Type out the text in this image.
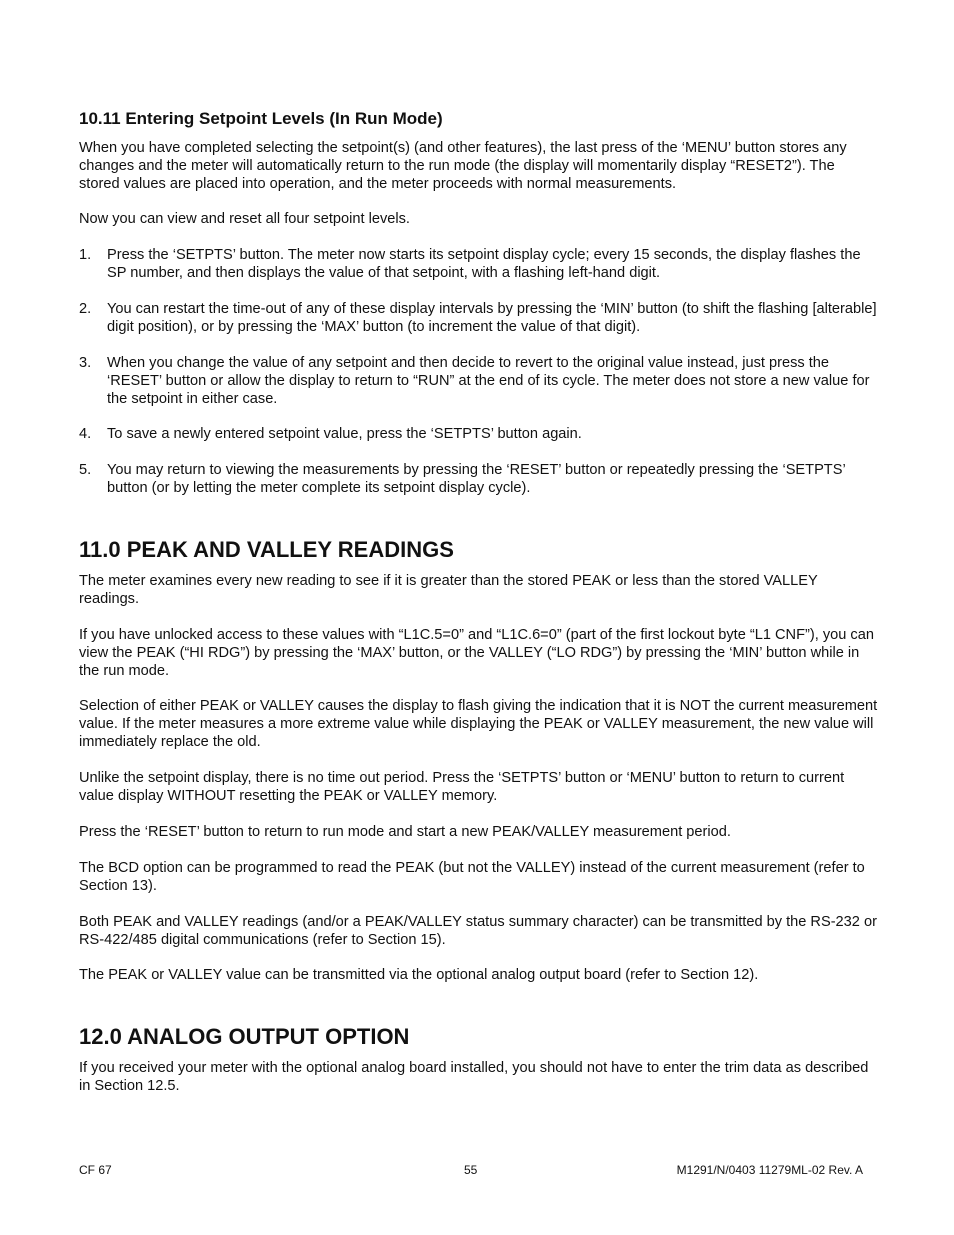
10.11 Entering Setpoint Levels (In Run Mode)

When you have completed selecting the setpoint(s) (and other features), the last press of the ‘MENU’ button stores any changes and the meter will automatically return to the run mode (the display will momentarily display “RESET2”). The stored values are placed into operation, and the meter proceeds with normal measurements.

Now you can view and reset all four setpoint levels.

1. Press the ‘SETPTS’ button. The meter now starts its setpoint display cycle; every 15 seconds, the display flashes the SP number, and then displays the value of that setpoint, with a flashing left-hand digit.
2. You can restart the time-out of any of these display intervals by pressing the ‘MIN’ button (to shift the flashing [alterable] digit position), or by pressing the ‘MAX’ button (to increment the value of that digit).
3. When you change the value of any setpoint and then decide to revert to the original value instead, just press the ‘RESET’ button or allow the display to return to “RUN” at the end of its cycle. The meter does not store a new value for the setpoint in either case.
4. To save a newly entered setpoint value, press the ‘SETPTS’ button again.
5. You may return to viewing the measurements by pressing the ‘RESET’ button or repeatedly pressing the ‘SETPTS’ button (or by letting the meter complete its setpoint display cycle).
11.0 PEAK AND VALLEY READINGS

The meter examines every new reading to see if it is greater than the stored PEAK or less than the stored VALLEY readings.

If you have unlocked access to these values with “L1C.5=0” and “L1C.6=0” (part of the first lockout byte “L1 CNF”), you can view the PEAK (“HI RDG”) by pressing the ‘MAX’ button, or the VALLEY (“LO RDG”) by pressing the ‘MIN’ button while in the run mode.

Selection of either PEAK or VALLEY causes the display to flash giving the indication that it is NOT the current measurement value. If the meter measures a more extreme value while displaying the PEAK or VALLEY measurement, the new value will immediately replace the old.

Unlike the setpoint display, there is no time out period. Press the ‘SETPTS’ button or ‘MENU’ button to return to current value display WITHOUT resetting the PEAK or VALLEY memory.

Press the ‘RESET’ button to return to run mode and start a new PEAK/VALLEY measurement period.

The BCD option can be programmed to read the PEAK (but not the VALLEY) instead of the current measurement (refer to Section 13).

Both PEAK and VALLEY readings (and/or a PEAK/VALLEY status summary character) can be transmitted by the RS-232 or RS-422/485 digital communications (refer to Section 15).

The PEAK or VALLEY value can be transmitted via the optional analog output board (refer to Section 12).

12.0 ANALOG OUTPUT OPTION

If you received your meter with the optional analog board installed, you should not have to enter the trim data as described in Section 12.5.

CF 67	55	M1291/N/0403 11279ML-02 Rev. A
